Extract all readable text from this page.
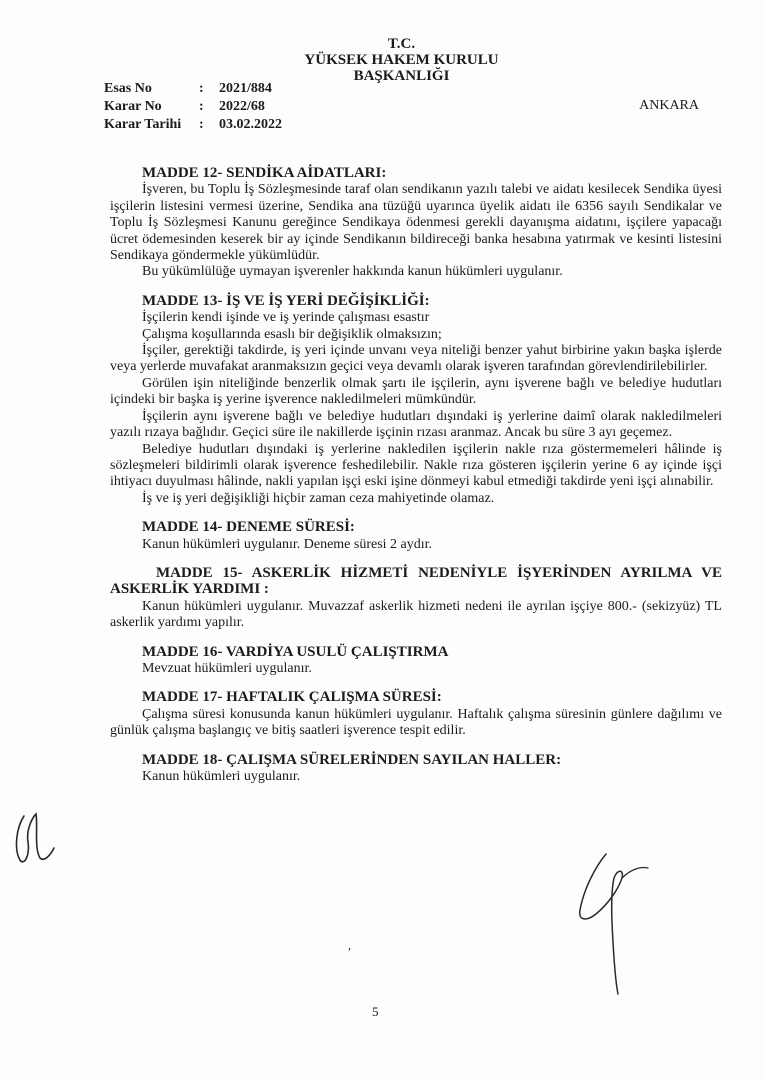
T.C.
YÜKSEK HAKEM KURULU
BAŞKANLIĞI
Esas No	:	2021/884
Karar No	:	2022/68
Karar Tarihi	:	03.02.2022
ANKARA
MADDE 12- SENDİKA AİDATLARI:

İşveren, bu Toplu İş Sözleşmesinde taraf olan sendikanın yazılı talebi ve aidatı kesilecek Sendika üyesi işçilerin listesini vermesi üzerine, Sendika ana tüzüğü uyarınca üyelik aidatı ile 6356 sayılı Sendikalar ve Toplu İş Sözleşmesi Kanunu gereğince Sendikaya ödenmesi gerekli dayanışma aidatını, işçilere yapacağı ücret ödemesinden keserek bir ay içinde Sendikanın bildireceği banka hesabına yatırmak ve kesinti listesini Sendikaya göndermekle yükümlüdür.

Bu yükümlülüğe uymayan işverenler hakkında kanun hükümleri uygulanır.

MADDE 13- İŞ VE İŞ YERİ DEĞİŞİKLİĞİ:

İşçilerin kendi işinde ve iş yerinde çalışması esastır

Çalışma koşullarında esaslı bir değişiklik olmaksızın;

İşçiler, gerektiği takdirde, iş yeri içinde unvanı veya niteliği benzer yahut birbirine yakın başka işlerde veya yerlerde muvafakat aranmaksızın geçici veya devamlı olarak işveren tarafından görevlendirilebilirler.

Görülen işin niteliğinde benzerlik olmak şartı ile işçilerin, aynı işverene bağlı ve belediye hudutları içindeki bir başka iş yerine işverence nakledilmeleri mümkündür.

İşçilerin aynı işverene bağlı ve belediye hudutları dışındaki iş yerlerine daimî olarak nakledilmeleri yazılı rızaya bağlıdır. Geçici süre ile nakillerde işçinin rızası aranmaz. Ancak bu süre 3 ayı geçemez.

Belediye hudutları dışındaki iş yerlerine nakledilen işçilerin nakle rıza göstermemeleri hâlinde iş sözleşmeleri bildirimli olarak işverence feshedilebilir. Nakle rıza gösteren işçilerin yerine 6 ay içinde işçi ihtiyacı duyulması hâlinde, nakli yapılan işçi eski işine dönmeyi kabul etmediği takdirde yeni işçi alınabilir.

İş ve iş yeri değişikliği hiçbir zaman ceza mahiyetinde olamaz.

MADDE 14- DENEME SÜRESİ:

Kanun hükümleri uygulanır. Deneme süresi 2 aydır.

MADDE 15- ASKERLİK HİZMETİ NEDENİYLE İŞYERİNDEN AYRILMA VE ASKERLİK YARDIMI :

Kanun hükümleri uygulanır. Muvazzaf askerlik hizmeti nedeni ile ayrılan işçiye 800.- (sekizyüz) TL askerlik yardımı yapılır.

MADDE 16- VARDİYA USULÜ ÇALIŞTIRMA

Mevzuat hükümleri uygulanır.

MADDE 17- HAFTALIK ÇALIŞMA SÜRESİ:

Çalışma süresi konusunda kanun hükümleri uygulanır. Haftalık çalışma süresinin günlere dağılımı ve günlük çalışma başlangıç ve bitiş saatleri işverence tespit edilir.

MADDE 18- ÇALIŞMA SÜRELERİNDEN SAYILAN HALLER:

Kanun hükümleri uygulanır.

,
5
